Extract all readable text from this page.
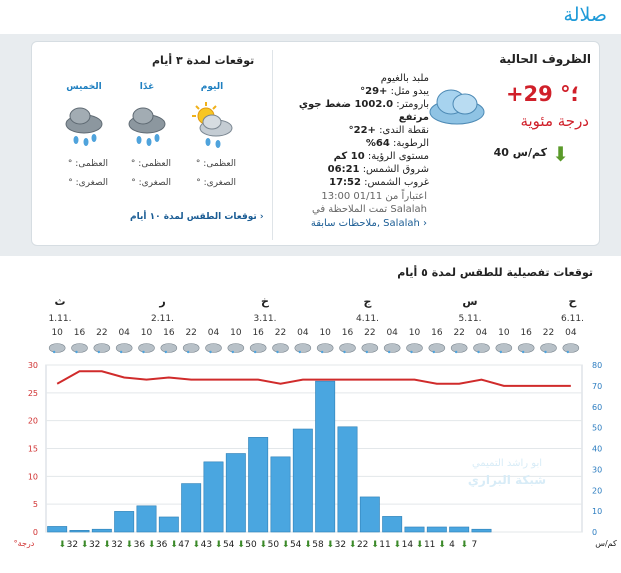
صلالة
الظروف الحالية
+29 °؛
درجة مئوية
⬇
40 كم/س
ملبد بالغيوم
يبدو مثل: +29°
بارومتر: 1002.0 ضغط جوي مرتفع
نقطة الندى: +22°
الرطوبة: 64%
مستوى الرؤية: 10 كم
شروق الشمس: 06:21
غروب الشمس: 17:52
اعتباراً من 01/11 13:00
تمت الملاحظة في Salalah
ملاحظات سابقة, Salalah ›
توقعات لمدة ٣ أيام
اليوم
العظمى: °
الصغرى: °
غدًا
العظمى: °
الصغرى: °
الخميس
العظمى: °
الصغرى: °
توقعات الطقس لمدة ١٠ أيام ›
توقعات تفصيلية للطقس لمدة ٥ أيام
ث
1.11.
ر
2.11.
خ
3.11.
ج
4.11.
س
5.11.
ح
6.11.
10 16 22 04 10 16 22 04 10 16 22 04 10 16 22 04 10 16 22 04 10 16 22 04
30
25
20
15
10
5
0
80
70
60
50
40
30
20
10
0
°درجة	⬇ 32 ⬇ 32 ⬇ 32 ⬇ 36 ⬇ 36 ⬇ 47 ⬇ 43 ⬇ 54 ⬇ 50 ⬇ 50 ⬇ 54 ⬇ 58 ⬇ 32 ⬇ 22 ⬇ 11 ⬇ 14 ⬇ 11 ⬇ 4 ⬇ 7	كم/س
ابو راشد التميمي
شبكة البراري
